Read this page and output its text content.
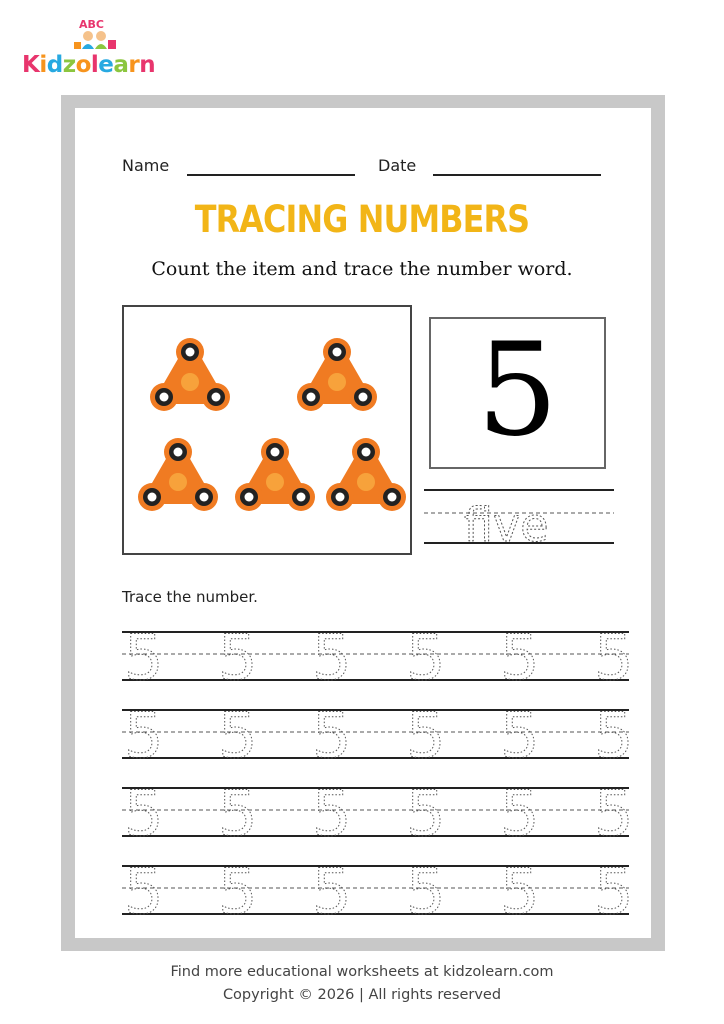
ABC
Kidzolearn
Name	Date
TRACING NUMBERS
Count the item and trace the number word.
5
five
Trace the number.
5 5 5 5 5 5
5 5 5 5 5 5
5 5 5 5 5 5
5 5 5 5 5 5
Find more educational worksheets at kidzolearn.com
Copyright © 2026 | All rights reserved
